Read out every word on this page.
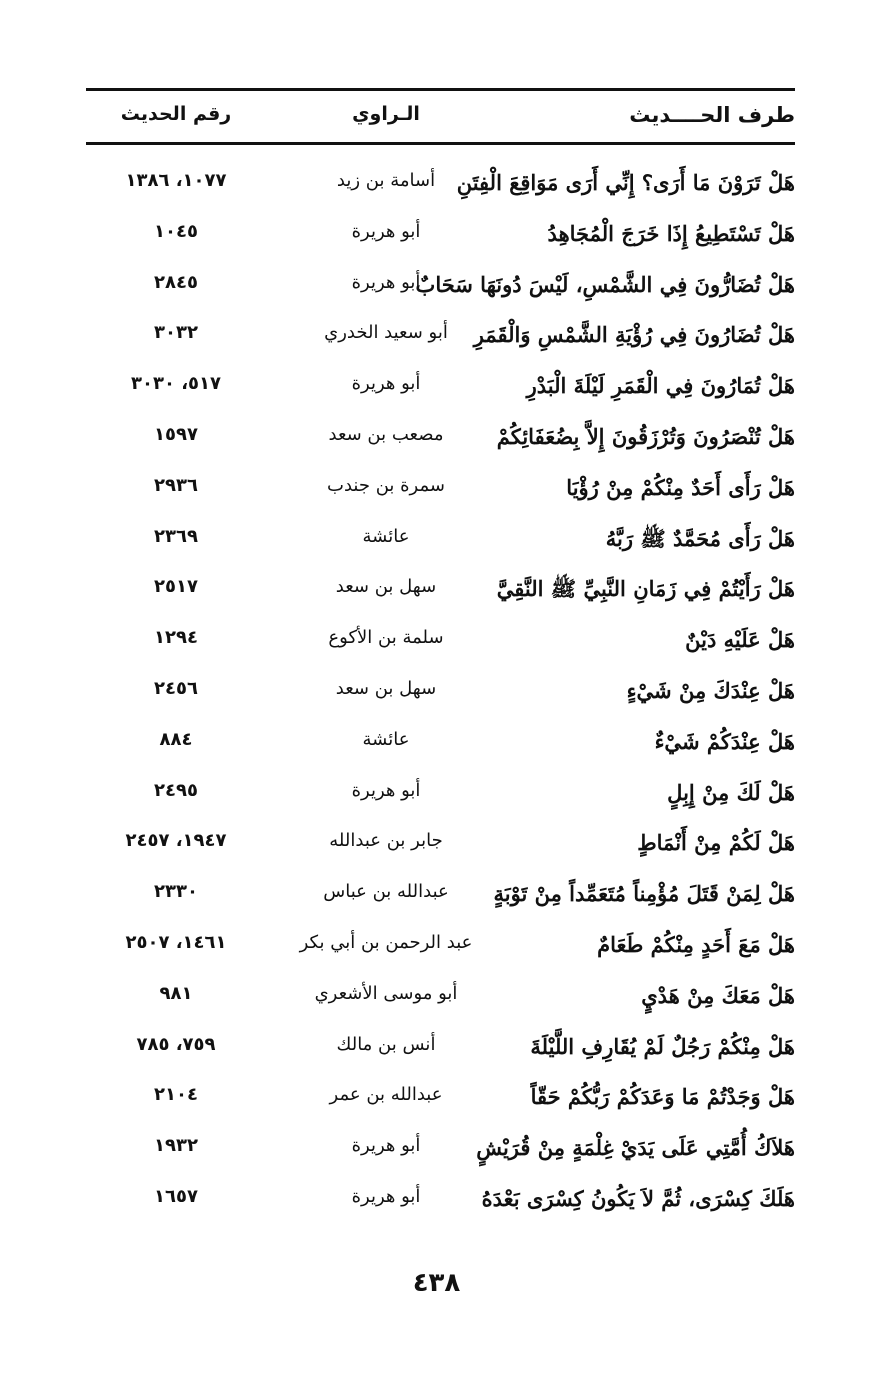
طرف الحــــديث
الـراوي
رقم الحديث
هَلْ تَرَوْنَ مَا أَرَى؟ إِنِّي أَرَى مَوَاقِعَ الْفِتَنِ
أسامة بن زيد
١٠٧٧، ١٣٨٦
هَلْ تَسْتَطِيعُ إِذَا خَرَجَ الْمُجَاهِدُ
أبو هريرة
١٠٤٥
هَلْ تُضَارُّونَ فِي الشَّمْسِ، لَيْسَ دُونَهَا سَحَابٌ
أبو هريرة
٢٨٤٥
هَلْ تُضَارُونَ فِي رُؤْيَةِ الشَّمْسِ وَالْقَمَرِ
أبو سعيد الخدري
٣٠٣٢
هَلْ تُمَارُونَ فِي الْقَمَرِ لَيْلَةَ الْبَدْرِ
أبو هريرة
٥١٧، ٣٠٣٠
هَلْ تُنْصَرُونَ وَتُرْزَقُونَ إِلاَّ بِضُعَفَائِكُمْ
مصعب بن سعد
١٥٩٧
هَلْ رَأَى أَحَدٌ مِنْكُمْ مِنْ رُؤْيَا
سمرة بن جندب
٢٩٣٦
هَلْ رَأَى مُحَمَّدٌ ﷺ رَبَّهُ
عائشة
٢٣٦٩
هَلْ رَأَيْتُمْ فِي زَمَانِ النَّبِيِّ ﷺ النَّقِيَّ
سهل بن سعد
٢٥١٧
هَلْ عَلَيْهِ دَيْنٌ
سلمة بن الأكوع
١٢٩٤
هَلْ عِنْدَكَ مِنْ شَيْءٍ
سهل بن سعد
٢٤٥٦
هَلْ عِنْدَكُمْ شَيْءٌ
عائشة
٨٨٤
هَلْ لَكَ مِنْ إِبِلٍ
أبو هريرة
٢٤٩٥
هَلْ لَكُمْ مِنْ أَنْمَاطٍ
جابر بن عبدالله
١٩٤٧، ٢٤٥٧
هَلْ لِمَنْ قَتَلَ مُؤْمِناً مُتَعَمِّداً مِنْ تَوْبَةٍ
عبدالله بن عباس
٢٣٣٠
هَلْ مَعَ أَحَدٍ مِنْكُمْ طَعَامٌ
عبد الرحمن بن أبي بكر
١٤٦١، ٢٥٠٧
هَلْ مَعَكَ مِنْ هَدْيٍ
أبو موسى الأشعري
٩٨١
هَلْ مِنْكُمْ رَجُلٌ لَمْ يُقَارِفِ اللَّيْلَةَ
أنس بن مالك
٧٥٩، ٧٨٥
هَلْ وَجَدْتُمْ مَا وَعَدَكُمْ رَبُّكُمْ حَقّاً
عبدالله بن عمر
٢١٠٤
هَلاَكُ أُمَّتِي عَلَى يَدَيْ غِلْمَةٍ مِنْ قُرَيْشٍ
أبو هريرة
١٩٣٢
هَلَكَ كِسْرَى، ثُمَّ لاَ يَكُونُ كِسْرَى بَعْدَهُ
أبو هريرة
١٦٥٧
٤٣٨
